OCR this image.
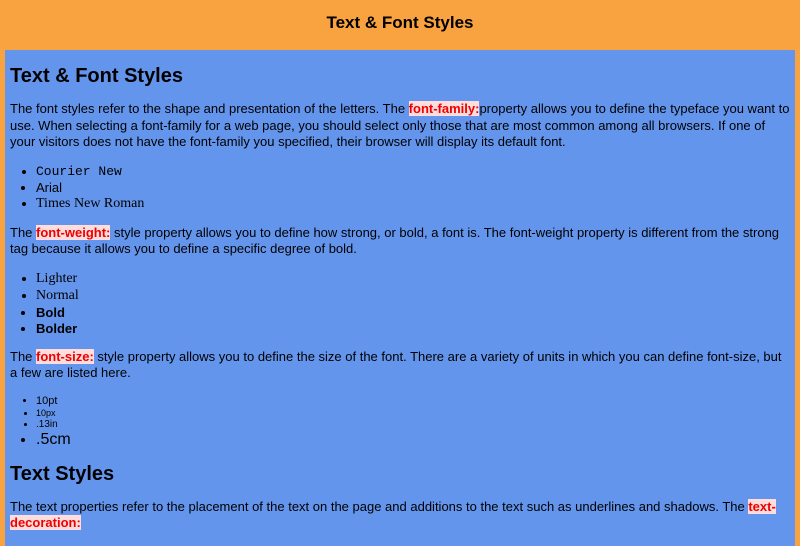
Text & Font Styles
Text & Font Styles

The font styles refer to the shape and presentation of the letters. The font-family:property allows you to define the typeface you want to use. When selecting a font-family for a web page, you should select only those that are most common among all browsers. If one of your visitors does not have the font-family you specified, their browser will display its default font.

• Courier New
• Arial
• Times New Roman

The font-weight: style property allows you to define how strong, or bold, a font is. The font-weight property is different from the strong tag because it allows you to define a specific degree of bold.

• Lighter
• Normal
• Bold
• Bolder

The font-size: style property allows you to define the size of the font. There are a variety of units in which you can define font-size, but a few are listed here.

• 10pt
• 10px
• .13in
• .5cm
Text Styles

The text properties refer to the placement of the text on the page and additions to the text such as underlines and shadows. The text-decoration:
